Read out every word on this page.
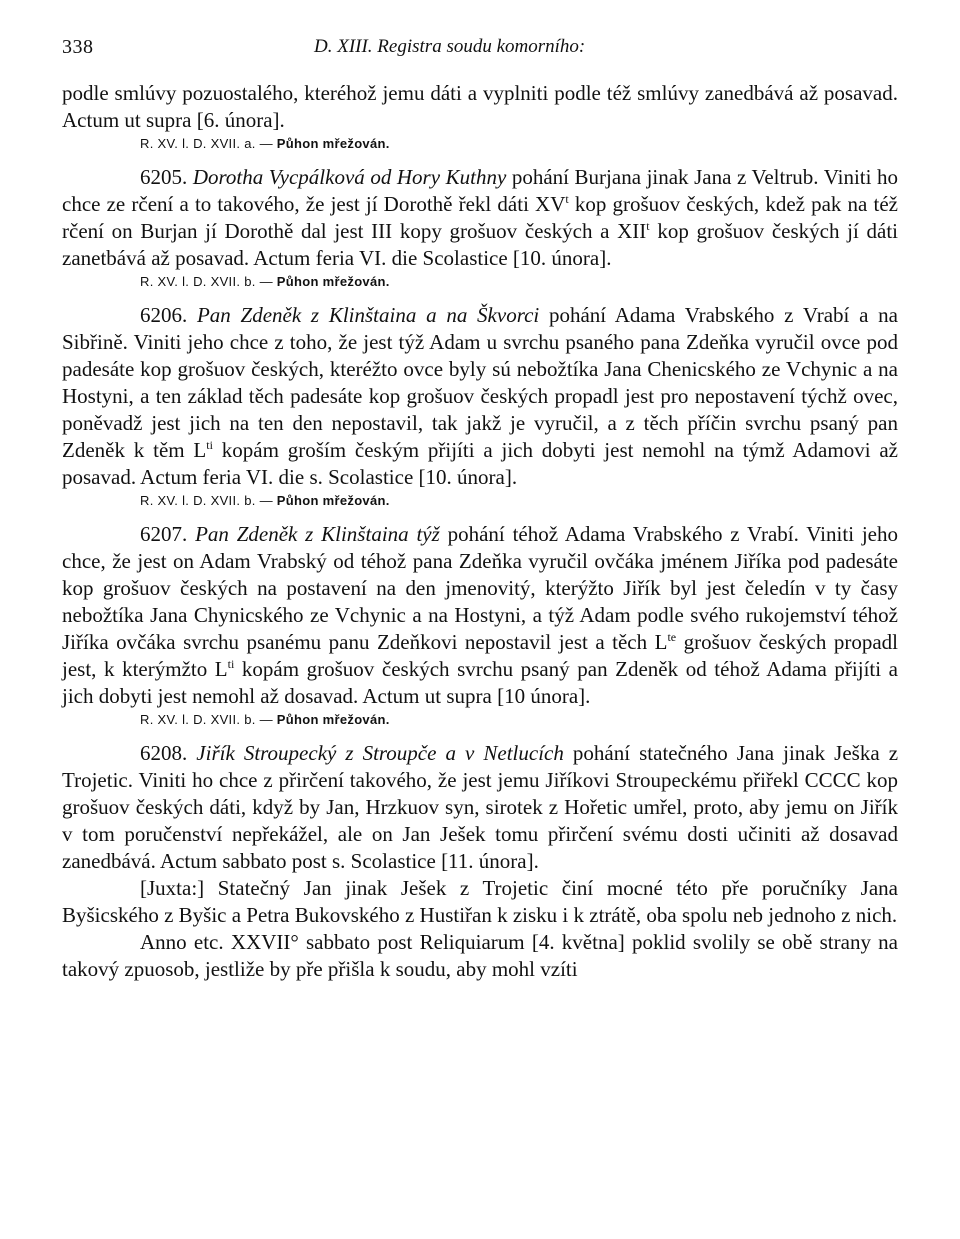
338	D. XIII. Registra soudu komorního:

podle smlúvy pozuostalého, kteréhož jemu dáti a vyplniti podle též smlúvy zanedbává až posavad. Actum ut supra [6. února].

R. XV. l. D. XVII. a. — Půhon mřežován.

6205. Dorotha Vycpálková od Hory Kuthny pohání Burjana jinak Jana z Veltrub. Viniti ho chce ze rčení a to takového, že jest jí Dorothě řekl dáti $XV^t$ kop grošuov českých, kdež pak na též rčení on Burjan jí Dorothě dal jest III kopy grošuov českých a XII$^t$ kop grošuov českých jí dáti zanetbává až posavad. Actum feria VI. die Scolastice [10. února].

R. XV. l. D. XVII. b. — Půhon mřežován.

6206. Pan Zdeněk z Klinštaina a na Škvorci pohání Adama Vrabského z Vrabí a na Sibřině. Viniti jeho chce z toho, že jest týž Adam u svrchu psaného pana Zdeňka vyručil ovce pod padesáte kop grošuov českých, kteréžto ovce byly sú nebožtíka Jana Chenicského ze Vchynic a na Hostyni, a ten základ těch padesáte kop grošuov českých propadl jest pro nepostavení týchž ovec, poněvadž jest jich na ten den nepostavil, tak jakž je vyručil, a z těch příčin svrchu psaný pan Zdeněk k těm $L^{ti}$ kopám groším českým přijíti a jich dobyti jest nemohl na týmž Adamovi až posavad. Actum feria VI. die s. Scolastice [10. února].

R. XV. l. D. XVII. b. — Půhon mřežován.

6207. Pan Zdeněk z Klinštaina týž pohání téhož Adama Vrabského z Vrabí. Viniti jeho chce, že jest on Adam Vrabský od téhož pana Zdeňka vyručil ovčáka jménem Jiříka pod padesáte kop grošuov českých na postavení na den jmenovitý, kterýžto Jiřík byl jest čeledín v ty časy nebožtíka Jana Chynicského ze Vchynic a na Hostyni, a týž Adam podle svého rukojemství téhož Jiříka ovčáka svrchu psanému panu Zdeňkovi nepostavil jest a těch $L^{te}$ grošuov českých propadl jest, k kterýmžto $L^{ti}$ kopám grošuov českých svrchu psaný pan Zdeněk od téhož Adama přijíti a jich dobyti jest nemohl až dosavad. Actum ut supra [10 února].

R. XV. l. D. XVII. b. — Půhon mřežován.

6208. Jiřík Stroupecký z Stroupče a v Netlucích pohání statečného Jana jinak Ješka z Trojetic. Viniti ho chce z přirčení takového, že jest jemu Jiříkovi Stroupeckému přiřekl CCCC kop grošuov českých dáti, když by Jan, Hrzkuov syn, sirotek z Hořetic umřel, proto, aby jemu on Jiřík v tom poručenství nepřekážel, ale on Jan Ješek tomu přirčení svému dosti učiniti až dosavad zanedbává. Actum sabbato post s. Scolastice [11. února].

[Juxta:] Statečný Jan jinak Ješek z Trojetic činí mocné této pře poručníky Jana Byšicského z Byšic a Petra Bukovského z Hustiřan k zisku i k ztrátě, oba spolu neb jednoho z nich.

Anno etc. XXVII° sabbato post Reliquiarum [4. května] poklid svolily se obě strany na takový zpuosob, jestliže by pře přišla k soudu, aby mohl vzíti
